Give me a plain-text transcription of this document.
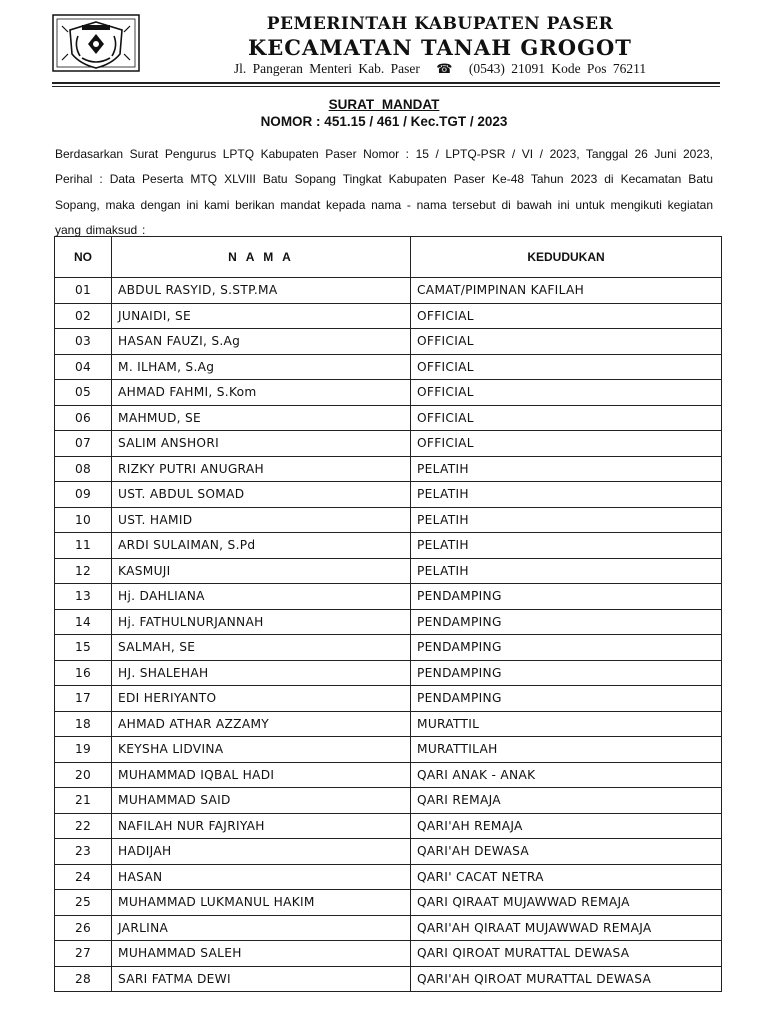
PEMERINTAH KABUPATEN PASER
KECAMATAN TANAH GROGOT
Jl. Pangeran Menteri Kab. Paser ☎ (0543) 21091 Kode Pos 76211
SURAT MANDAT
NOMOR : 451.15 / 461 / Kec.TGT / 2023
Berdasarkan Surat Pengurus LPTQ Kabupaten Paser Nomor : 15 / LPTQ-PSR / VI / 2023, Tanggal 26 Juni 2023, Perihal : Data Peserta MTQ XLVIII Batu Sopang Tingkat Kabupaten Paser Ke-48 Tahun 2023 di Kecamatan Batu Sopang, maka dengan ini kami berikan mandat kepada nama - nama tersebut di bawah ini untuk mengikuti kegiatan yang dimaksud :
NO	N A M A	KEDUDUKAN
01	ABDUL RASYID, S.STP.MA	CAMAT/PIMPINAN KAFILAH
02	JUNAIDI, SE	OFFICIAL
03	HASAN FAUZI, S.Ag	OFFICIAL
04	M. ILHAM, S.Ag	OFFICIAL
05	AHMAD FAHMI, S.Kom	OFFICIAL
06	MAHMUD, SE	OFFICIAL
07	SALIM ANSHORI	OFFICIAL
08	RIZKY PUTRI ANUGRAH	PELATIH
09	UST. ABDUL SOMAD	PELATIH
10	UST. HAMID	PELATIH
11	ARDI SULAIMAN, S.Pd	PELATIH
12	KASMUJI	PELATIH
13	Hj. DAHLIANA	PENDAMPING
14	Hj. FATHULNURJANNAH	PENDAMPING
15	SALMAH, SE	PENDAMPING
16	HJ. SHALEHAH	PENDAMPING
17	EDI HERIYANTO	PENDAMPING
18	AHMAD ATHAR AZZAMY	MURATTIL
19	KEYSHA LIDVINA	MURATTILAH
20	MUHAMMAD IQBAL HADI	QARI ANAK - ANAK
21	MUHAMMAD SAID	QARI REMAJA
22	NAFILAH NUR FAJRIYAH	QARI'AH REMAJA
23	HADIJAH	QARI'AH DEWASA
24	HASAN	QARI' CACAT NETRA
25	MUHAMMAD LUKMANUL HAKIM	QARI QIRAAT MUJAWWAD REMAJA
26	JARLINA	QARI'AH QIRAAT MUJAWWAD REMAJA
27	MUHAMMAD SALEH	QARI QIROAT MURATTAL DEWASA
28	SARI FATMA DEWI	QARI'AH QIROAT MURATTAL DEWASA
